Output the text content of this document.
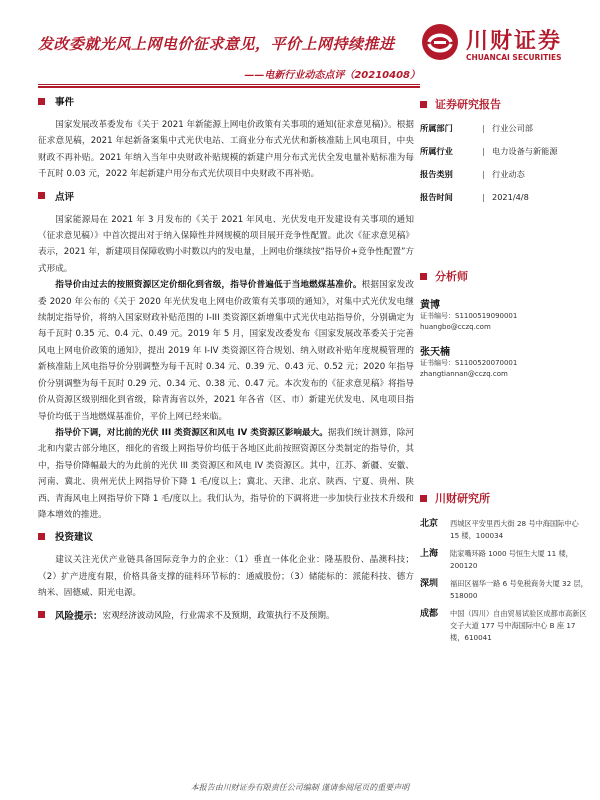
发改委就光风上网电价征求意见，平价上网持续推进
——电新行业动态点评（20210408）
川财证券
CHUANCAI SECURITIES
事件

国家发展改革委发布《关于 2021 年新能源上网电价政策有关事项的通知(征求意见稿)》。根据征求意见稿，2021 年起新备案集中式光伏电站、工商业分布式光伏和新核准陆上风电项目，中央财政不再补贴。2021 年纳入当年中央财政补贴规模的新建户用分布式光伏全发电量补贴标准为每千瓦时 0.03 元，2022 年起新建户用分布式光伏项目中央财政不再补贴。

点评

国家能源局在 2021 年 3 月发布的《关于 2021 年风电、光伏发电开发建设有关事项的通知（征求意见稿）》中首次提出对于纳入保障性并网规模的项目展开竞争性配置。此次《征求意见稿》表示，2021 年，新建项目保障收购小时数以内的发电量，上网电价继续按“指导价+竞争性配置”方式形成。

指导价由过去的按照资源区定价细化到省级，指导价普遍低于当地燃煤基准价。根据国家发改委 2020 年公布的《关于 2020 年光伏发电上网电价政策有关事项的通知》，对集中式光伏发电继续制定指导价，将纳入国家财政补贴范围的 I-III 类资源区新增集中式光伏电站指导价，分别确定为每千瓦时 0.35 元、0.4 元、0.49 元。2019 年 5 月，国家发改委发布《国家发展改革委关于完善风电上网电价政策的通知》，提出 2019 年 I-IV 类资源区符合规划、纳入财政补贴年度规模管理的新核准陆上风电指导价分别调整为每千瓦时 0.34 元、0.39 元、0.43 元、0.52 元；2020 年指导价分别调整为每千瓦时 0.29 元、0.34 元、0.38 元、0.47 元。本次发布的《征求意见稿》将指导价从资源区级别细化到省级，除青海省以外，2021 年各省（区、市）新建光伏发电、风电项目指导价均低于当地燃煤基准价，平价上网已经来临。

指导价下调，对比前的光伏 III 类资源区和风电 IV 类资源区影响最大。据我们统计测算，除河北和内蒙古部分地区，细化的省级上网指导价均低于各地区此前按照资源区分类制定的指导价，其中，指导价降幅最大的为此前的光伏 III 类资源区和风电 IV 类资源区。其中，江苏、新疆、安徽、河南、冀北、贵州光伏上网指导价下降 1 毛/度以上；冀北、天津、北京、陕西、宁夏、贵州、陕西、青海风电上网指导价下降 1 毛/度以上。我们认为，指导价的下调将进一步加快行业技术升级和降本增效的推进。

投资建议

建议关注光伏产业链具备国际竞争力的企业：（1）垂直一体化企业：隆基股份、晶澳科技；（2）扩产进度有限，价格具备支撑的硅料环节标的：通威股份；（3）储能标的：派能科技、德方纳米、固德威、阳光电源。

风险提示： 宏观经济波动风险，行业需求不及预期，政策执行不及预期。
证券研究报告
所属部门	| 行业公司部
所属行业	| 电力设备与新能源
报告类别	| 行业动态
报告时间	| 2021/4/8
分析师
黄博
证书编号：S1100519090001
huangbo@cczq.com
张天楠
证书编号：S1100520070001
zhangtiannan@cczq.com
川财研究所
北京	西城区平安里西大街 28 号中海国际中心 15 楼，100034
上海	陆家嘴环路 1000 号恒生大厦 11 楼，200120
深圳	福田区福华一路 6 号免税商务大厦 32 层，518000
成都	中国（四川）自由贸易试验区成都市高新区交子大道 177 号中海国际中心 B 座 17 楼，610041
本报告由川财证券有限责任公司编制 谨请参阅尾页的重要声明
